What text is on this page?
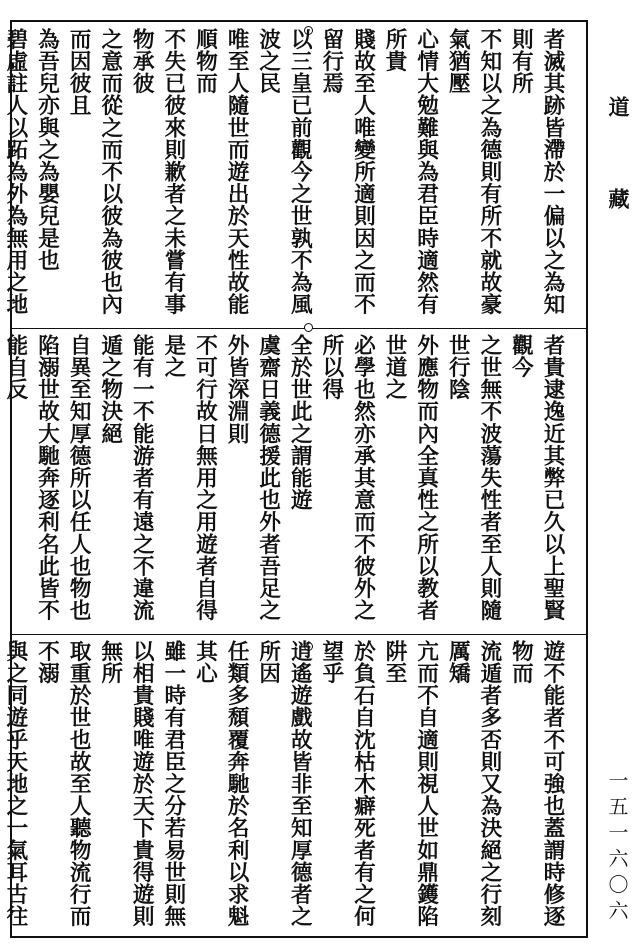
者滅其跡皆滯於一偏以之為知則有所
不知以之為德則有所不就故豪氣猶壓
心情大勉難與為君臣時適然有所貴
賤故至人唯變所適則因之而不留行焉
以三皇已前觀今之世孰不為風波之民
唯至人隨世而遊出於天性故能順物而
不失已彼來則歉者之未嘗有事物承彼
之意而從之而不以彼為彼也內而因彼且
為吾兒亦與之為嬰兒是也
碧虛註人以跖為外為無用之地
者貴逮逸近其弊已久以上聖賢觀今
之世無不波蕩失性者至人則隨世行陰
外應物而內全真性之所以教者世道之
必學也然亦承其意而不彼外之所以得
全於世此之謂能遊
虞齋日義德援此也外者吾足之外皆深淵則
不可行故日無用之用遊者自得是之
能有一不能游者有遠之不違流遁之物決絕
自異至知厚德所以任人也物也
陷溺世故大馳奔逐利名此皆不能自反
遊不能者不可強也蓋謂時修逐物而
流遁者多否則又為決絕之行刻厲矯
亢而不自適則視人世如鼎鑊陷阱至
於負石自沈枯木癖死者有之何望乎
逍遙遊戲故皆非至知厚德者之所因
任類多頹覆奔馳於名利以求魁其心
雖一時有君臣之分若易世則無
以相貴賤唯遊於天下貴得遊則無所
取重於世也故至人聽物流行而不溺
與之同遊乎天地之一氣耳古往
道
藏
一五一六〇六
